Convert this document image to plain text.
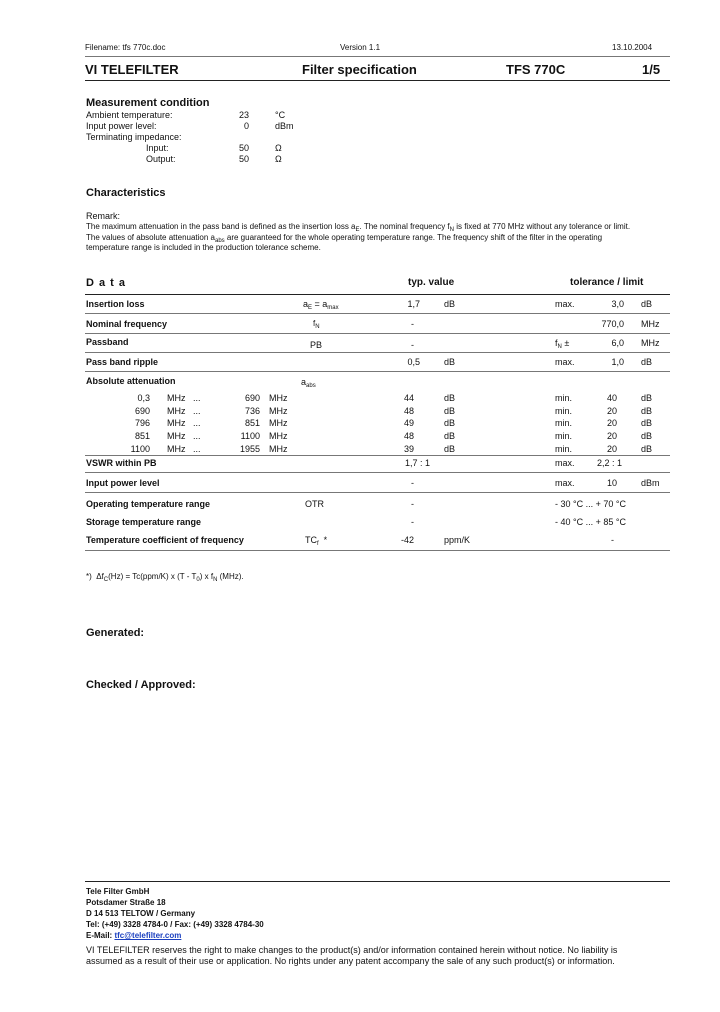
Filename: tfs 770c.doc	Version 1.1	13.10.2004
VI TELEFILTER	Filter specification	TFS 770C	1/5
Measurement condition
Ambient temperature:	23	°C
Input power level:	0	dBm
Terminating impedance:
Input:	50	Ω
Output:	50	Ω
Characteristics
Remark:
The maximum attenuation in the pass band is defined as the insertion loss $a_E$. The nominal frequency $f_N$ is fixed at 770 MHz without any tolerance or limit.
The values of absolute attenuation $a_{abs}$ are guaranteed for the whole operating temperature range. The frequency shift of the filter in the operating
temperature range is included in the production tolerance scheme.
D a t a	typ. value	tolerance / limit
Insertion loss	$a_E = a_{max}$	1,7	dB	max.	3,0 dB
Nominal frequency	$f_N$	-	770,0 MHz
Passband	PB	-	$f_N$ ±	6,0 MHz
Pass band ripple	0,5	dB	max.	1,0 dB
Absolute attenuation	$a_{abs}$
0,3 MHz ...	690 MHz	44	dB	min.	40	dB
690 MHz ...	736 MHz	48	dB	min.	20	dB
796 MHz ...	851 MHz	49	dB	min.	20	dB
851 MHz ...	1100 MHz	48	dB	min.	20	dB
1100 MHz ...	1955 MHz	39	dB	min.	20	dB
VSWR within PB	1,7 : 1	max. 2,2 : 1
Input power level	-	max.	10	dBm
Operating temperature range	OTR	-	- 30 °C ... + 70 °C
Storage temperature range	-	- 40 °C ... + 85 °C
Temperature coefficient of frequency	$TC_f$  *	-42	ppm/K	-
*)  $\Delta f_C(Hz) = Tc(ppm/K)$ x $(T - T_0)$ x $f_N$ (MHz).
Generated:
Checked / Approved:
Tele Filter GmbH
Potsdamer Straße 18
D 14 513 TELTOW / Germany
Tel: (+49) 3328 4784-0 / Fax: (+49) 3328 4784-30
E-Mail: tfc@telefilter.com
VI TELEFILTER reserves the right to make changes to the product(s) and/or information contained herein without notice. No liability is
assumed as a result of their use or application. No rights under any patent accompany the sale of any such product(s) or information.
